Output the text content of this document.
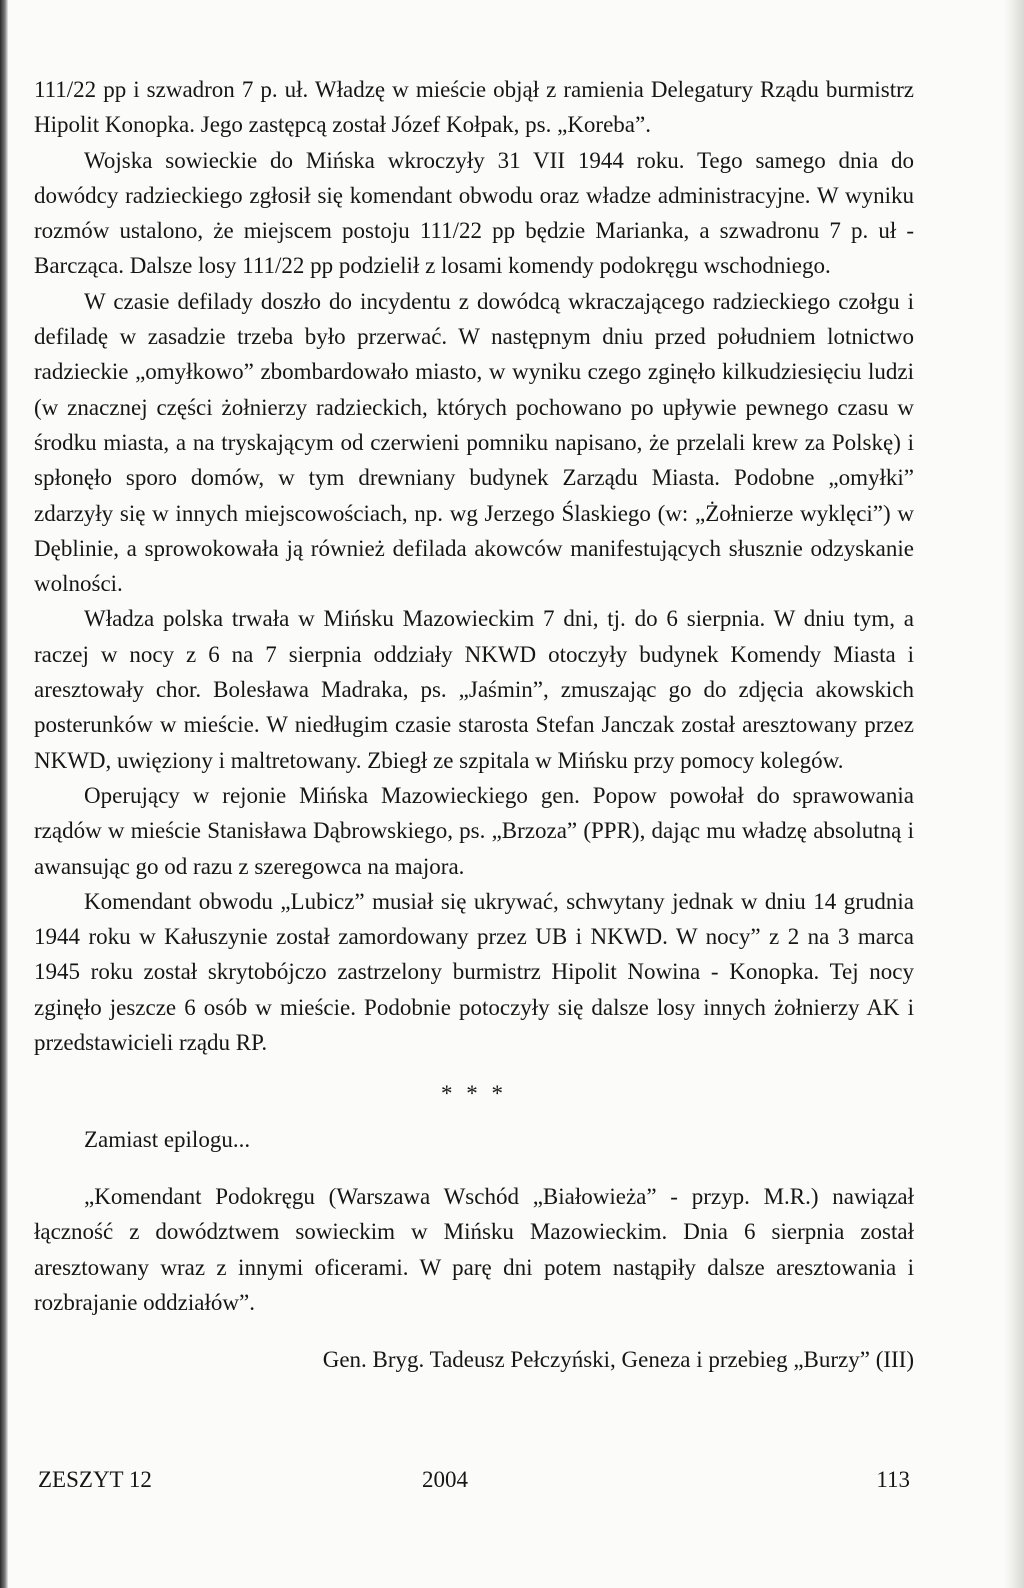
111/22 pp i szwadron 7 p. uł. Władzę w mieście objął z ramienia Delegatury Rządu burmistrz Hipolit Konopka. Jego zastępcą został Józef Kołpak, ps. „Koreba”.

Wojska sowieckie do Mińska wkroczyły 31 VII 1944 roku. Tego samego dnia do dowódcy radzieckiego zgłosił się komendant obwodu oraz władze administracyjne. W wyniku rozmów ustalono, że miejscem postoju 111/22 pp będzie Marianka, a szwadronu 7 p. uł - Barcząca. Dalsze losy 111/22 pp podzielił z losami komendy podokręgu wschodniego.

W czasie defilady doszło do incydentu z dowódcą wkraczającego radzieckiego czołgu i defiladę w zasadzie trzeba było przerwać. W następnym dniu przed południem lotnictwo radzieckie „omyłkowo” zbombardowało miasto, w wyniku czego zginęło kilkudziesięciu ludzi (w znacznej części żołnierzy radzieckich, których pochowano po upływie pewnego czasu w środku miasta, a na tryskającym od czerwieni pomniku napisano, że przelali krew za Polskę) i spłonęło sporo domów, w tym drewniany budynek Zarządu Miasta. Podobne „omyłki” zdarzyły się w innych miejscowościach, np. wg Jerzego Ślaskiego (w: „Żołnierze wyklęci”) w Dęblinie, a sprowokowała ją również defilada akowców manifestujących słusznie odzyskanie wolności.

Władza polska trwała w Mińsku Mazowieckim 7 dni, tj. do 6 sierpnia. W dniu tym, a raczej w nocy z 6 na 7 sierpnia oddziały NKWD otoczyły budynek Komendy Miasta i aresztowały chor. Bolesława Madraka, ps. „Jaśmin”, zmuszając go do zdjęcia akowskich posterunków w mieście. W niedługim czasie starosta Stefan Janczak został aresztowany przez NKWD, uwięziony i maltretowany. Zbiegł ze szpitala w Mińsku przy pomocy kolegów.

Operujący w rejonie Mińska Mazowieckiego gen. Popow powołał do sprawowania rządów w mieście Stanisława Dąbrowskiego, ps. „Brzoza” (PPR), dając mu władzę absolutną i awansując go od razu z szeregowca na majora.

Komendant obwodu „Lubicz” musiał się ukrywać, schwytany jednak w dniu 14 grudnia 1944 roku w Kałuszynie został zamordowany przez UB i NKWD. W nocy” z 2 na 3 marca 1945 roku został skrytobójczo zastrzelony burmistrz Hipolit Nowina - Konopka. Tej nocy zginęło jeszcze 6 osób w mieście. Podobnie potoczyły się dalsze losy innych żołnierzy AK i przedstawicieli rządu RP.

* * *
Zamiast epilogu...

„Komendant Podokręgu (Warszawa Wschód „Białowieża” - przyp. M.R.) nawiązał łączność z dowództwem sowieckim w Mińsku Mazowieckim. Dnia 6 sierpnia został aresztowany wraz z innymi oficerami. W parę dni potem nastąpiły dalsze aresztowania i rozbrajanie oddziałów”.

Gen. Bryg. Tadeusz Pełczyński, Geneza i przebieg „Burzy” (III)
ZESZYT 12	2004	113
